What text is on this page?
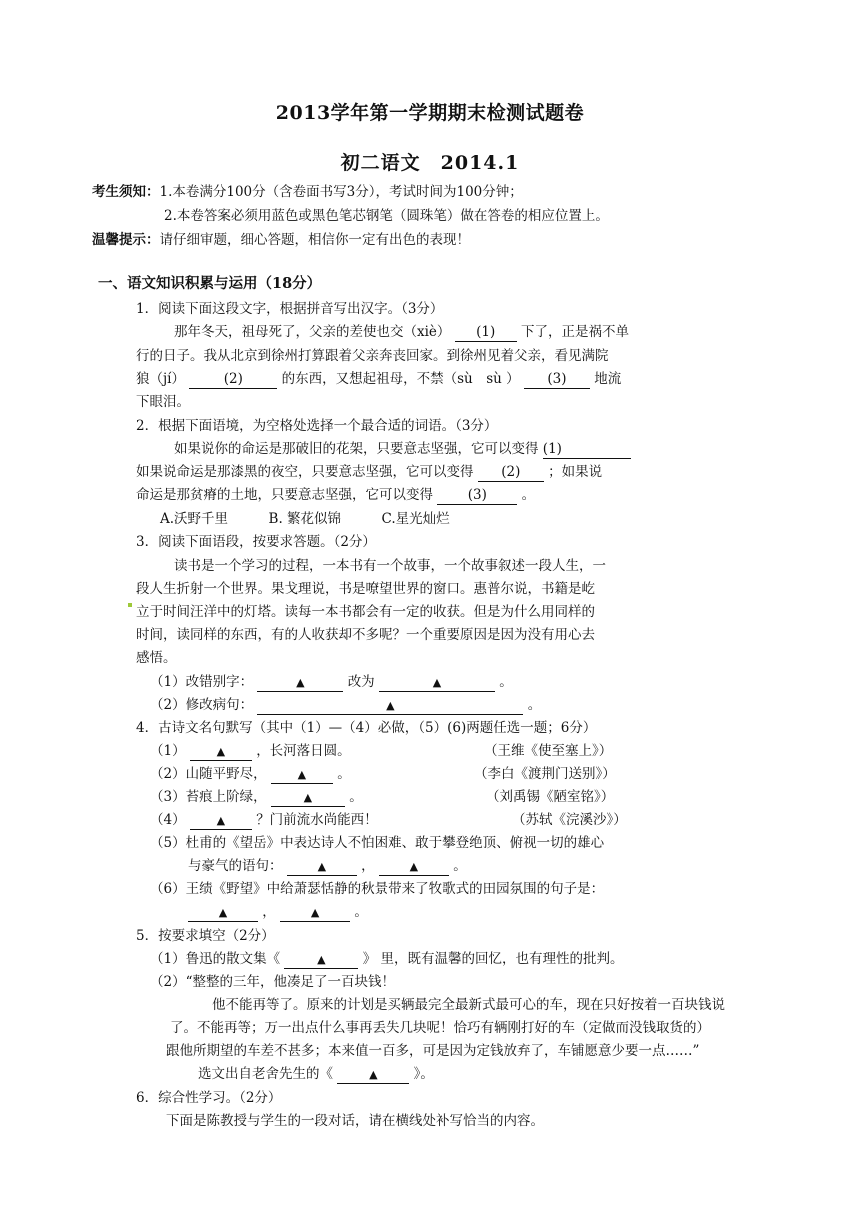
2013学年第一学期期末检测试题卷
初二语文　2014.1
考生须知：1.本卷满分100分（含卷面书写3分），考试时间为100分钟；
2.本卷答案必须用蓝色或黑色笔芯钢笔（圆珠笔）做在答卷的相应位置上。
温馨提示：请仔细审题，细心答题，相信你一定有出色的表现！
一、语文知识积累与运用（18分）
1．阅读下面这段文字，根据拼音写出汉字。（3分）
那年冬天，祖母死了，父亲的差使也交（xiè） (1) 下了，正是祸不单
行的日子。我从北京到徐州打算跟着父亲奔丧回家。到徐州见着父亲，看见满院
狼（jí）	(2)	的东西，又想起祖母，不禁（sù　sù ） (3) 地流
下眼泪。
2．根据下面语境，为空格处选择一个最合适的词语。（3分）
如果说你的命运是那破旧的花架，只要意志坚强，它可以变得 (1)
如果说命运是那漆黑的夜空，只要意志坚强，它可以变得 (2) ；如果说
命运是那贫瘠的土地，只要意志坚强，它可以变得	(3)	。
A.沃野千里　　　B. 繁花似锦　　　C.星光灿烂
3．阅读下面语段，按要求答题。（2分）
读书是一个学习的过程，一本书有一个故事，一个故事叙述一段人生，一
段人生折射一个世界。果戈理说，书是嘹望世界的窗口。惠普尔说，书籍是屹
立于时间汪洋中的灯塔。读每一本书都会有一定的收获。但是为什么用同样的
时间，读同样的东西，有的人收获却不多呢？一个重要原因是因为没有用心去
感悟。
（1）改错别字：	▲	改为	▲	。
（2）修改病句：	▲	。
4．古诗文名句默写（其中（1）—（4）必做，（5）(6)两题任选一题；6分）
（1）	▲ ，长河落日圆。	（王维《使至塞上》）
（2）山随平野尽，	▲ 。	（李白《渡荆门送别》）
（3）苔痕上阶绿，	▲	。	（刘禹锡《陋室铭》）
（4）	▲ ？门前流水尚能西！	（苏轼《浣溪沙》）
（5）杜甫的《望岳》中表达诗人不怕困难、敢于攀登绝顶、俯视一切的雄心
与豪气的语句：	▲	，	▲	。
（6）王绩《野望》中给萧瑟恬静的秋景带来了牧歌式的田园氛围的句子是：
▲	，	▲	。
5．按要求填空（2分）
（1）鲁迅的散文集《	▲	》 里，既有温馨的回忆，也有理性的批判。
（2）“整整的三年，他凑足了一百块钱！
他不能再等了。原来的计划是买辆最完全最新式最可心的车，现在只好按着一百块钱说
了。不能再等；万一出点什么事再丢失几块呢！恰巧有辆刚打好的车（定做而没钱取货的）
跟他所期望的车差不甚多；本来值一百多，可是因为定钱放弃了，车铺愿意少要一点……”
选文出自老舍先生的《	▲	》。
6．综合性学习。（2分）
下面是陈教授与学生的一段对话，请在横线处补写恰当的内容。
